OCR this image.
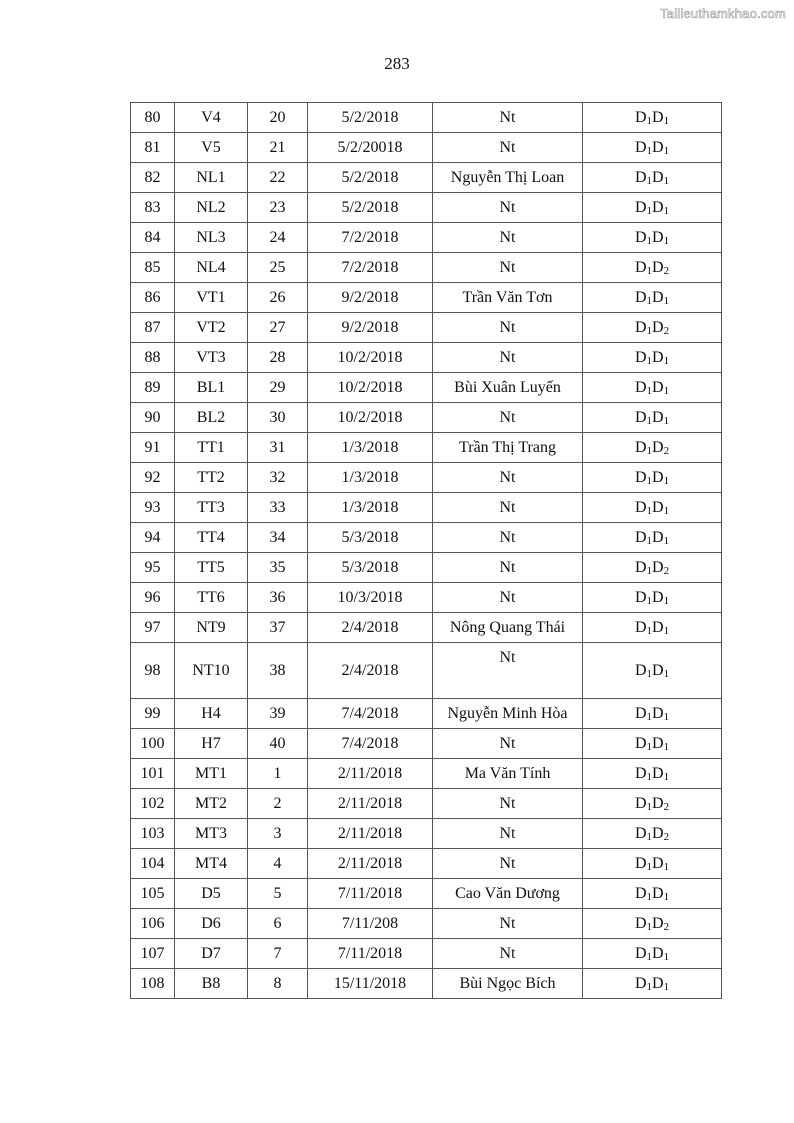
Tailieuthamkhao.com
283
80	V4	20	5/2/2018	Nt	D1D1
81	V5	21	5/2/20018	Nt	D1D1
82	NL1	22	5/2/2018	Nguyễn Thị Loan	D1D1
83	NL2	23	5/2/2018	Nt	D1D1
84	NL3	24	7/2/2018	Nt	D1D1
85	NL4	25	7/2/2018	Nt	D1D2
86	VT1	26	9/2/2018	Trần Văn Tơn	D1D1
87	VT2	27	9/2/2018	Nt	D1D2
88	VT3	28	10/2/2018	Nt	D1D1
89	BL1	29	10/2/2018	Bùi Xuân Luyến	D1D1
90	BL2	30	10/2/2018	Nt	D1D1
91	TT1	31	1/3/2018	Trần Thị Trang	D1D2
92	TT2	32	1/3/2018	Nt	D1D1
93	TT3	33	1/3/2018	Nt	D1D1
94	TT4	34	5/3/2018	Nt	D1D1
95	TT5	35	5/3/2018	Nt	D1D2
96	TT6	36	10/3/2018	Nt	D1D1
97	NT9	37	2/4/2018	Nông Quang Thái	D1D1
98	NT10	38	2/4/2018	Nt	D1D1
99	H4	39	7/4/2018	Nguyễn Minh Hòa	D1D1
100	H7	40	7/4/2018	Nt	D1D1
101	MT1	1	2/11/2018	Ma Văn Tính	D1D1
102	MT2	2	2/11/2018	Nt	D1D2
103	MT3	3	2/11/2018	Nt	D1D2
104	MT4	4	2/11/2018	Nt	D1D1
105	D5	5	7/11/2018	Cao Văn Dương	D1D1
106	D6	6	7/11/208	Nt	D1D2
107	D7	7	7/11/2018	Nt	D1D1
108	B8	8	15/11/2018	Bùi Ngọc Bích	D1D1
